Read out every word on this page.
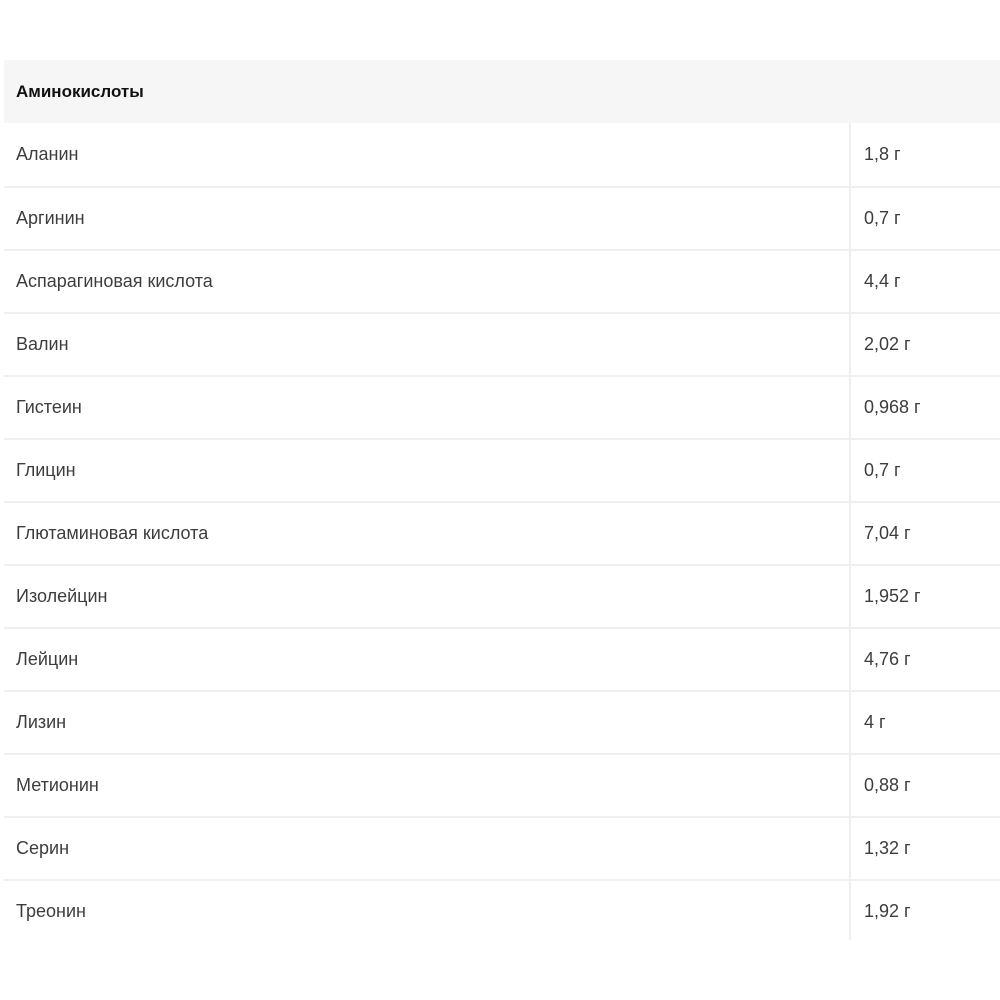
Аминокислоты
Аланин	1,8 г
Аргинин	0,7 г
Аспарагиновая кислота	4,4 г
Валин	2,02 г
Гистеин	0,968 г
Глицин	0,7 г
Глютаминовая кислота	7,04 г
Изолейцин	1,952 г
Лейцин	4,76 г
Лизин	4 г
Метионин	0,88 г
Серин	1,32 г
Треонин	1,92 г
